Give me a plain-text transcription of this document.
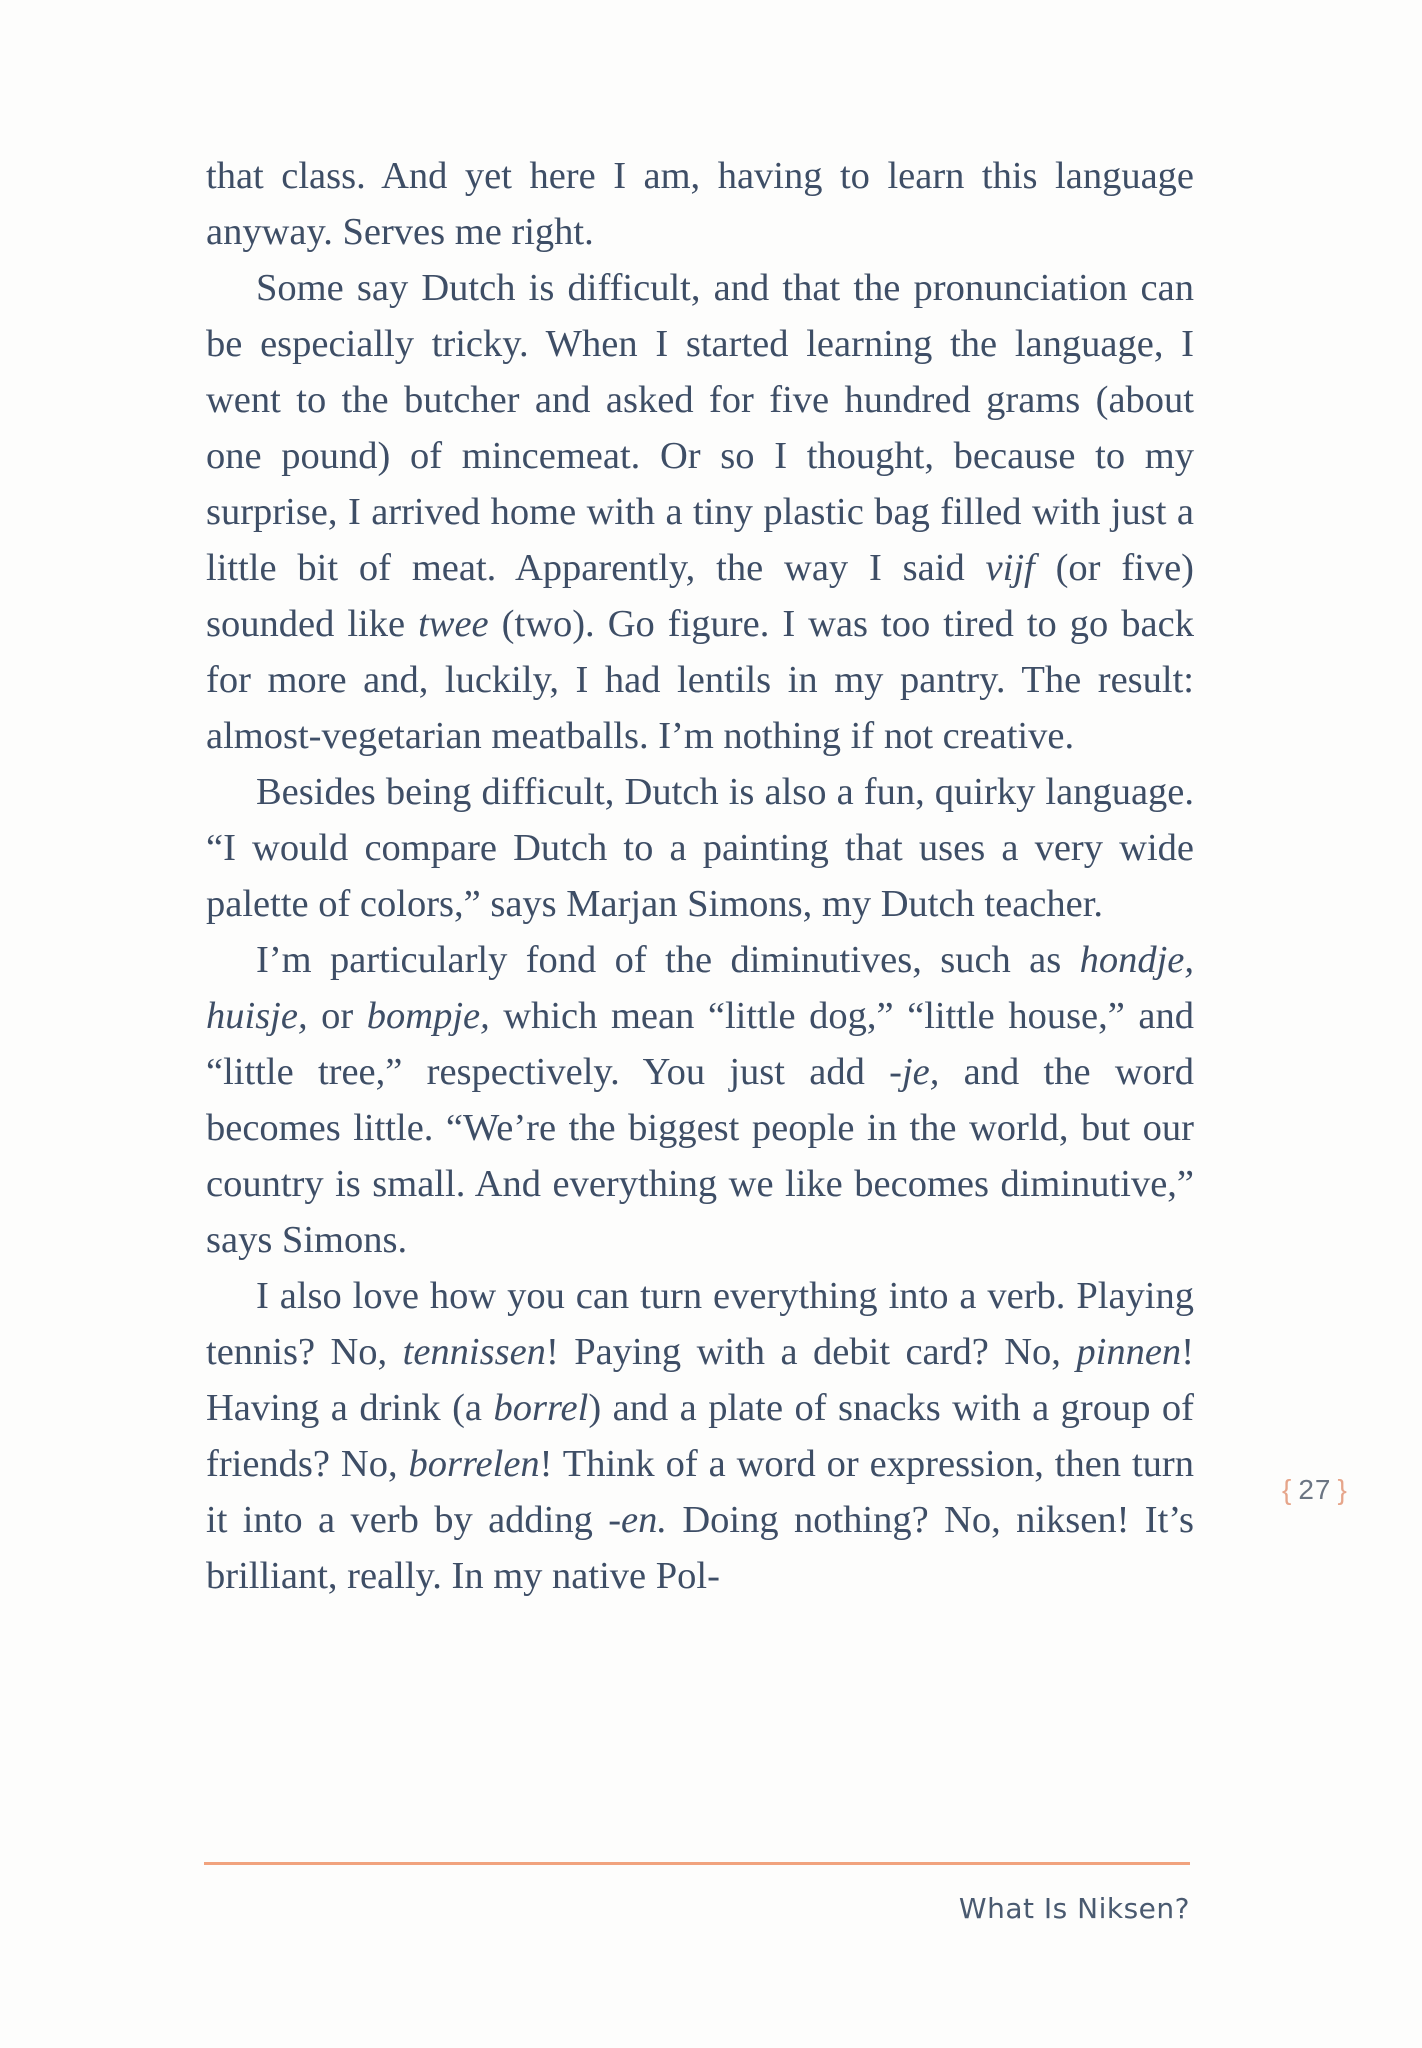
that class. And yet here I am, having to learn this language anyway. Serves me right.

Some say Dutch is difficult, and that the pronunciation can be especially tricky. When I started learning the language, I went to the butcher and asked for five hundred grams (about one pound) of mincemeat. Or so I thought, because to my surprise, I arrived home with a tiny plastic bag filled with just a little bit of meat. Apparently, the way I said vijf (or five) sounded like twee (two). Go figure. I was too tired to go back for more and, luckily, I had lentils in my pantry. The result: almost-vegetarian meatballs. I’m nothing if not creative.

Besides being difficult, Dutch is also a fun, quirky language. “I would compare Dutch to a painting that uses a very wide palette of colors,” says Marjan Simons, my Dutch teacher.

I’m particularly fond of the diminutives, such as hondje, huisje, or bompje, which mean “little dog,” “little house,” and “little tree,” respectively. You just add -je, and the word becomes little. “We’re the biggest people in the world, but our country is small. And everything we like becomes diminutive,” says Simons.

I also love how you can turn everything into a verb. Playing tennis? No, tennissen! Paying with a debit card? No, pinnen! Having a drink (a borrel) and a plate of snacks with a group of friends? No, borrelen! Think of a word or expression, then turn it into a verb by adding -en. Doing nothing? No, niksen! It’s brilliant, really. In my native Pol-

{ 27 }
What Is Niksen?
